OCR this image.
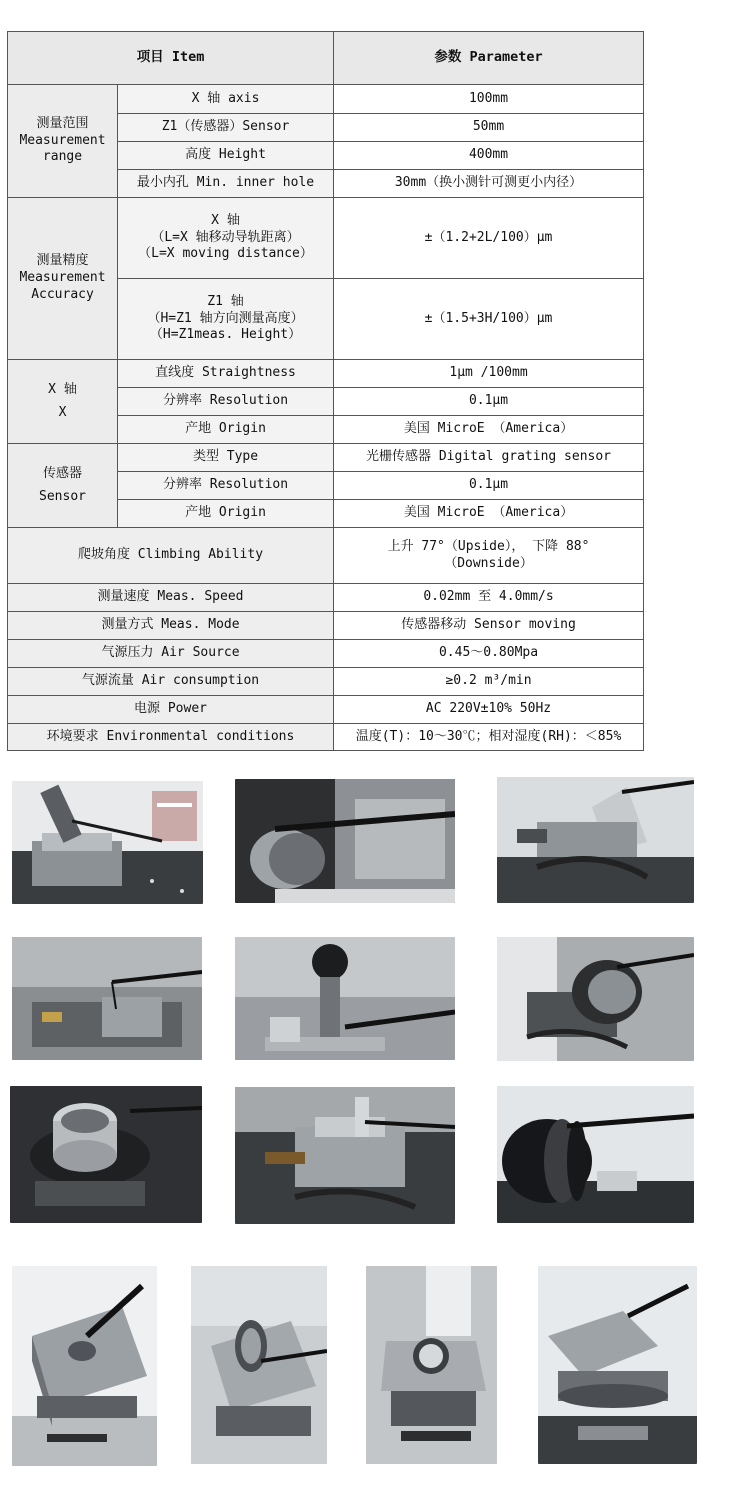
项目 Item		参数 Parameter

测量范围
Measurement
range	X 轴 axis	100mm
	Z1（传感器）Sensor	50mm
	高度 Height	400mm
	最小内孔 Min. inner hole	30mm（换小测针可测更小内径）

测量精度
Measurement
Accuracy	X 轴
（L=X 轴移动导轨距离）
（L=X moving distance）	±（1.2+2L/100）μm
	Z1 轴
（H=Z1 轴方向测量高度）
（H=Z1meas. Height）	±（1.5+3H/100）μm

X 轴
X	直线度 Straightness	1μm /100mm
	分辨率 Resolution	0.1μm
	产地 Origin	美国 MicroE （America）

传感器
Sensor	类型 Type	光栅传感器 Digital grating sensor
	分辨率 Resolution	0.1μm
	产地 Origin	美国 MicroE （America）
爬坡角度 Climbing Ability		上升 77°（Upside）， 下降 88°
（Downside）
测量速度 Meas. Speed		0.02mm 至 4.0mm/s
测量方式 Meas. Mode		传感器移动 Sensor moving
气源压力 Air Source		0.45～0.80Mpa
气源流量 Air consumption		≥0.2 m³/min
电源 Power		AC 220V±10% 50Hz
环境要求 Environmental conditions		温度(T)：10～30℃；相对湿度(RH)：＜85%
